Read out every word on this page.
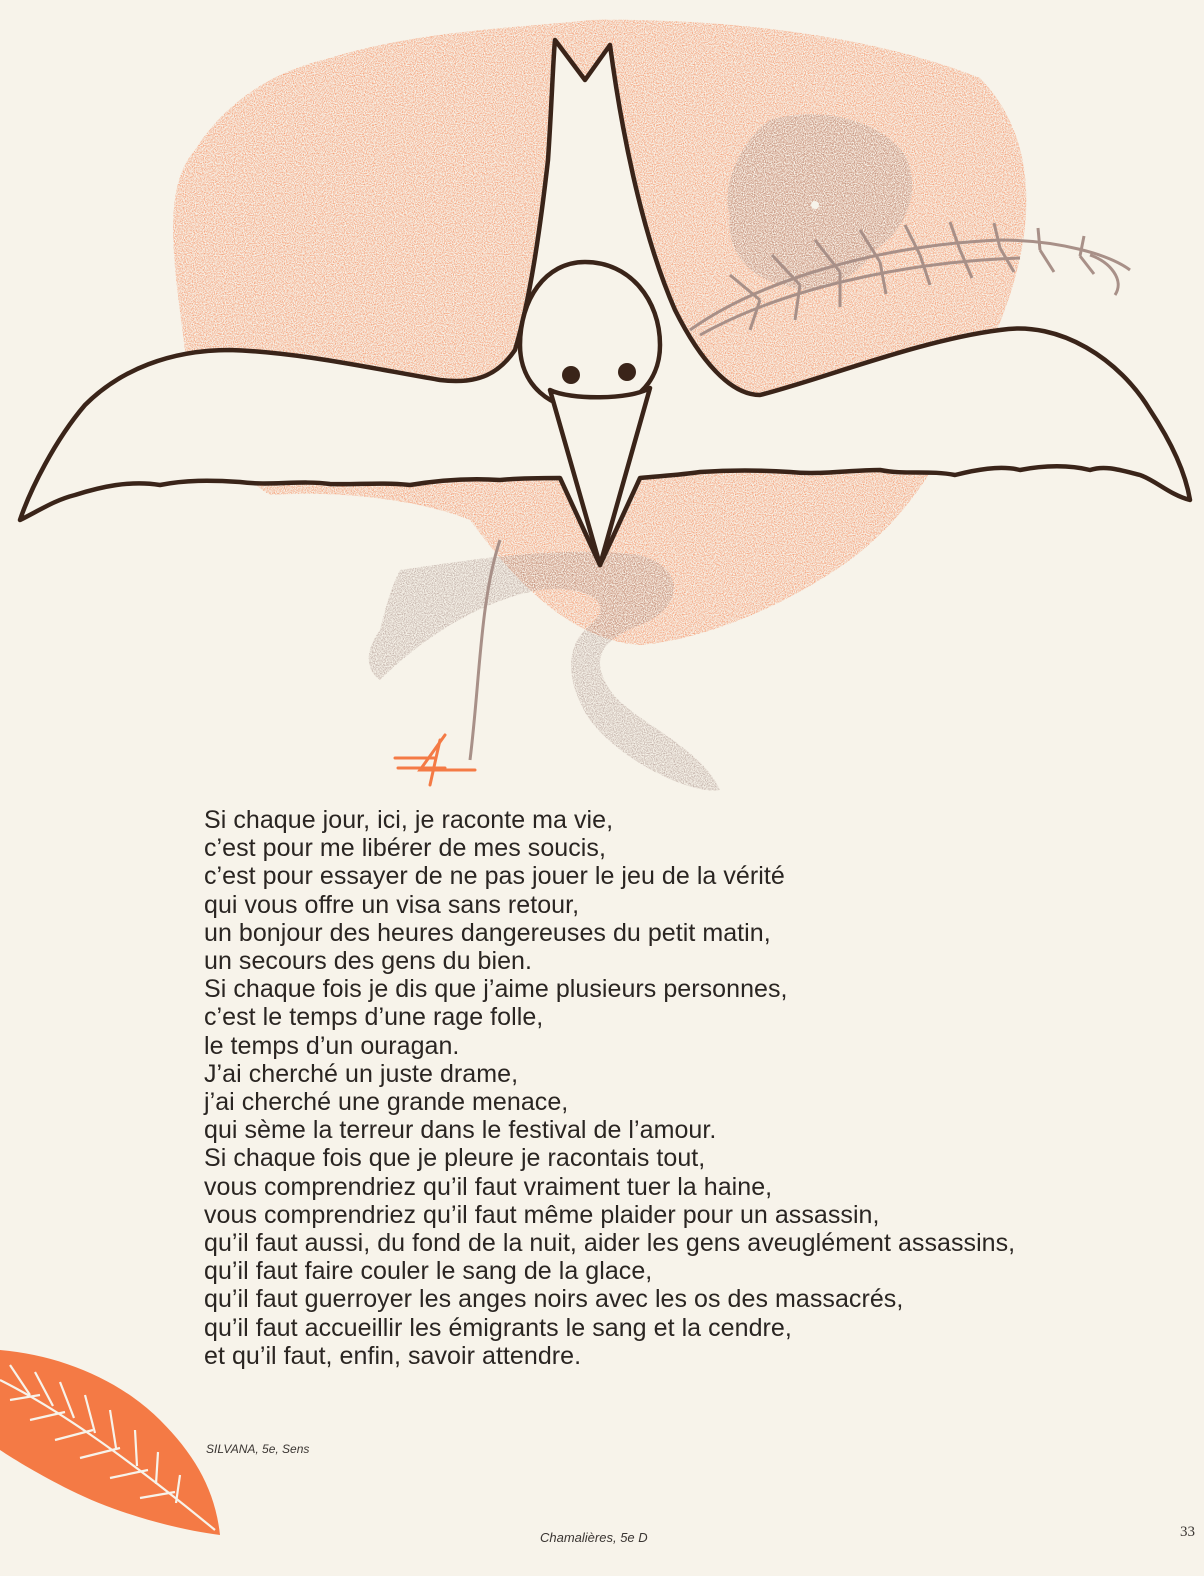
Si chaque jour, ici, je raconte ma vie,
c’est pour me libérer de mes soucis,
c’est pour essayer de ne pas jouer le jeu de la vérité
qui vous offre un visa sans retour,
un bonjour des heures dangereuses du petit matin,
un secours des gens du bien.
Si chaque fois je dis que j’aime plusieurs personnes,
c’est le temps d’une rage folle,
le temps d’un ouragan.
J’ai cherché un juste drame,
j’ai cherché une grande menace,
qui sème la terreur dans le festival de l’amour.
Si chaque fois que je pleure je racontais tout,
vous comprendriez qu’il faut vraiment tuer la haine,
vous comprendriez qu’il faut même plaider pour un assassin,
qu’il faut aussi, du fond de la nuit, aider les gens aveuglément assassins,
qu’il faut faire couler le sang de la glace,
qu’il faut guerroyer les anges noirs avec les os des massacrés,
qu’il faut accueillir les émigrants le sang et la cendre,
et qu’il faut, enfin, savoir attendre.
SILVANA, 5e, Sens
Chamalières, 5e D	33
